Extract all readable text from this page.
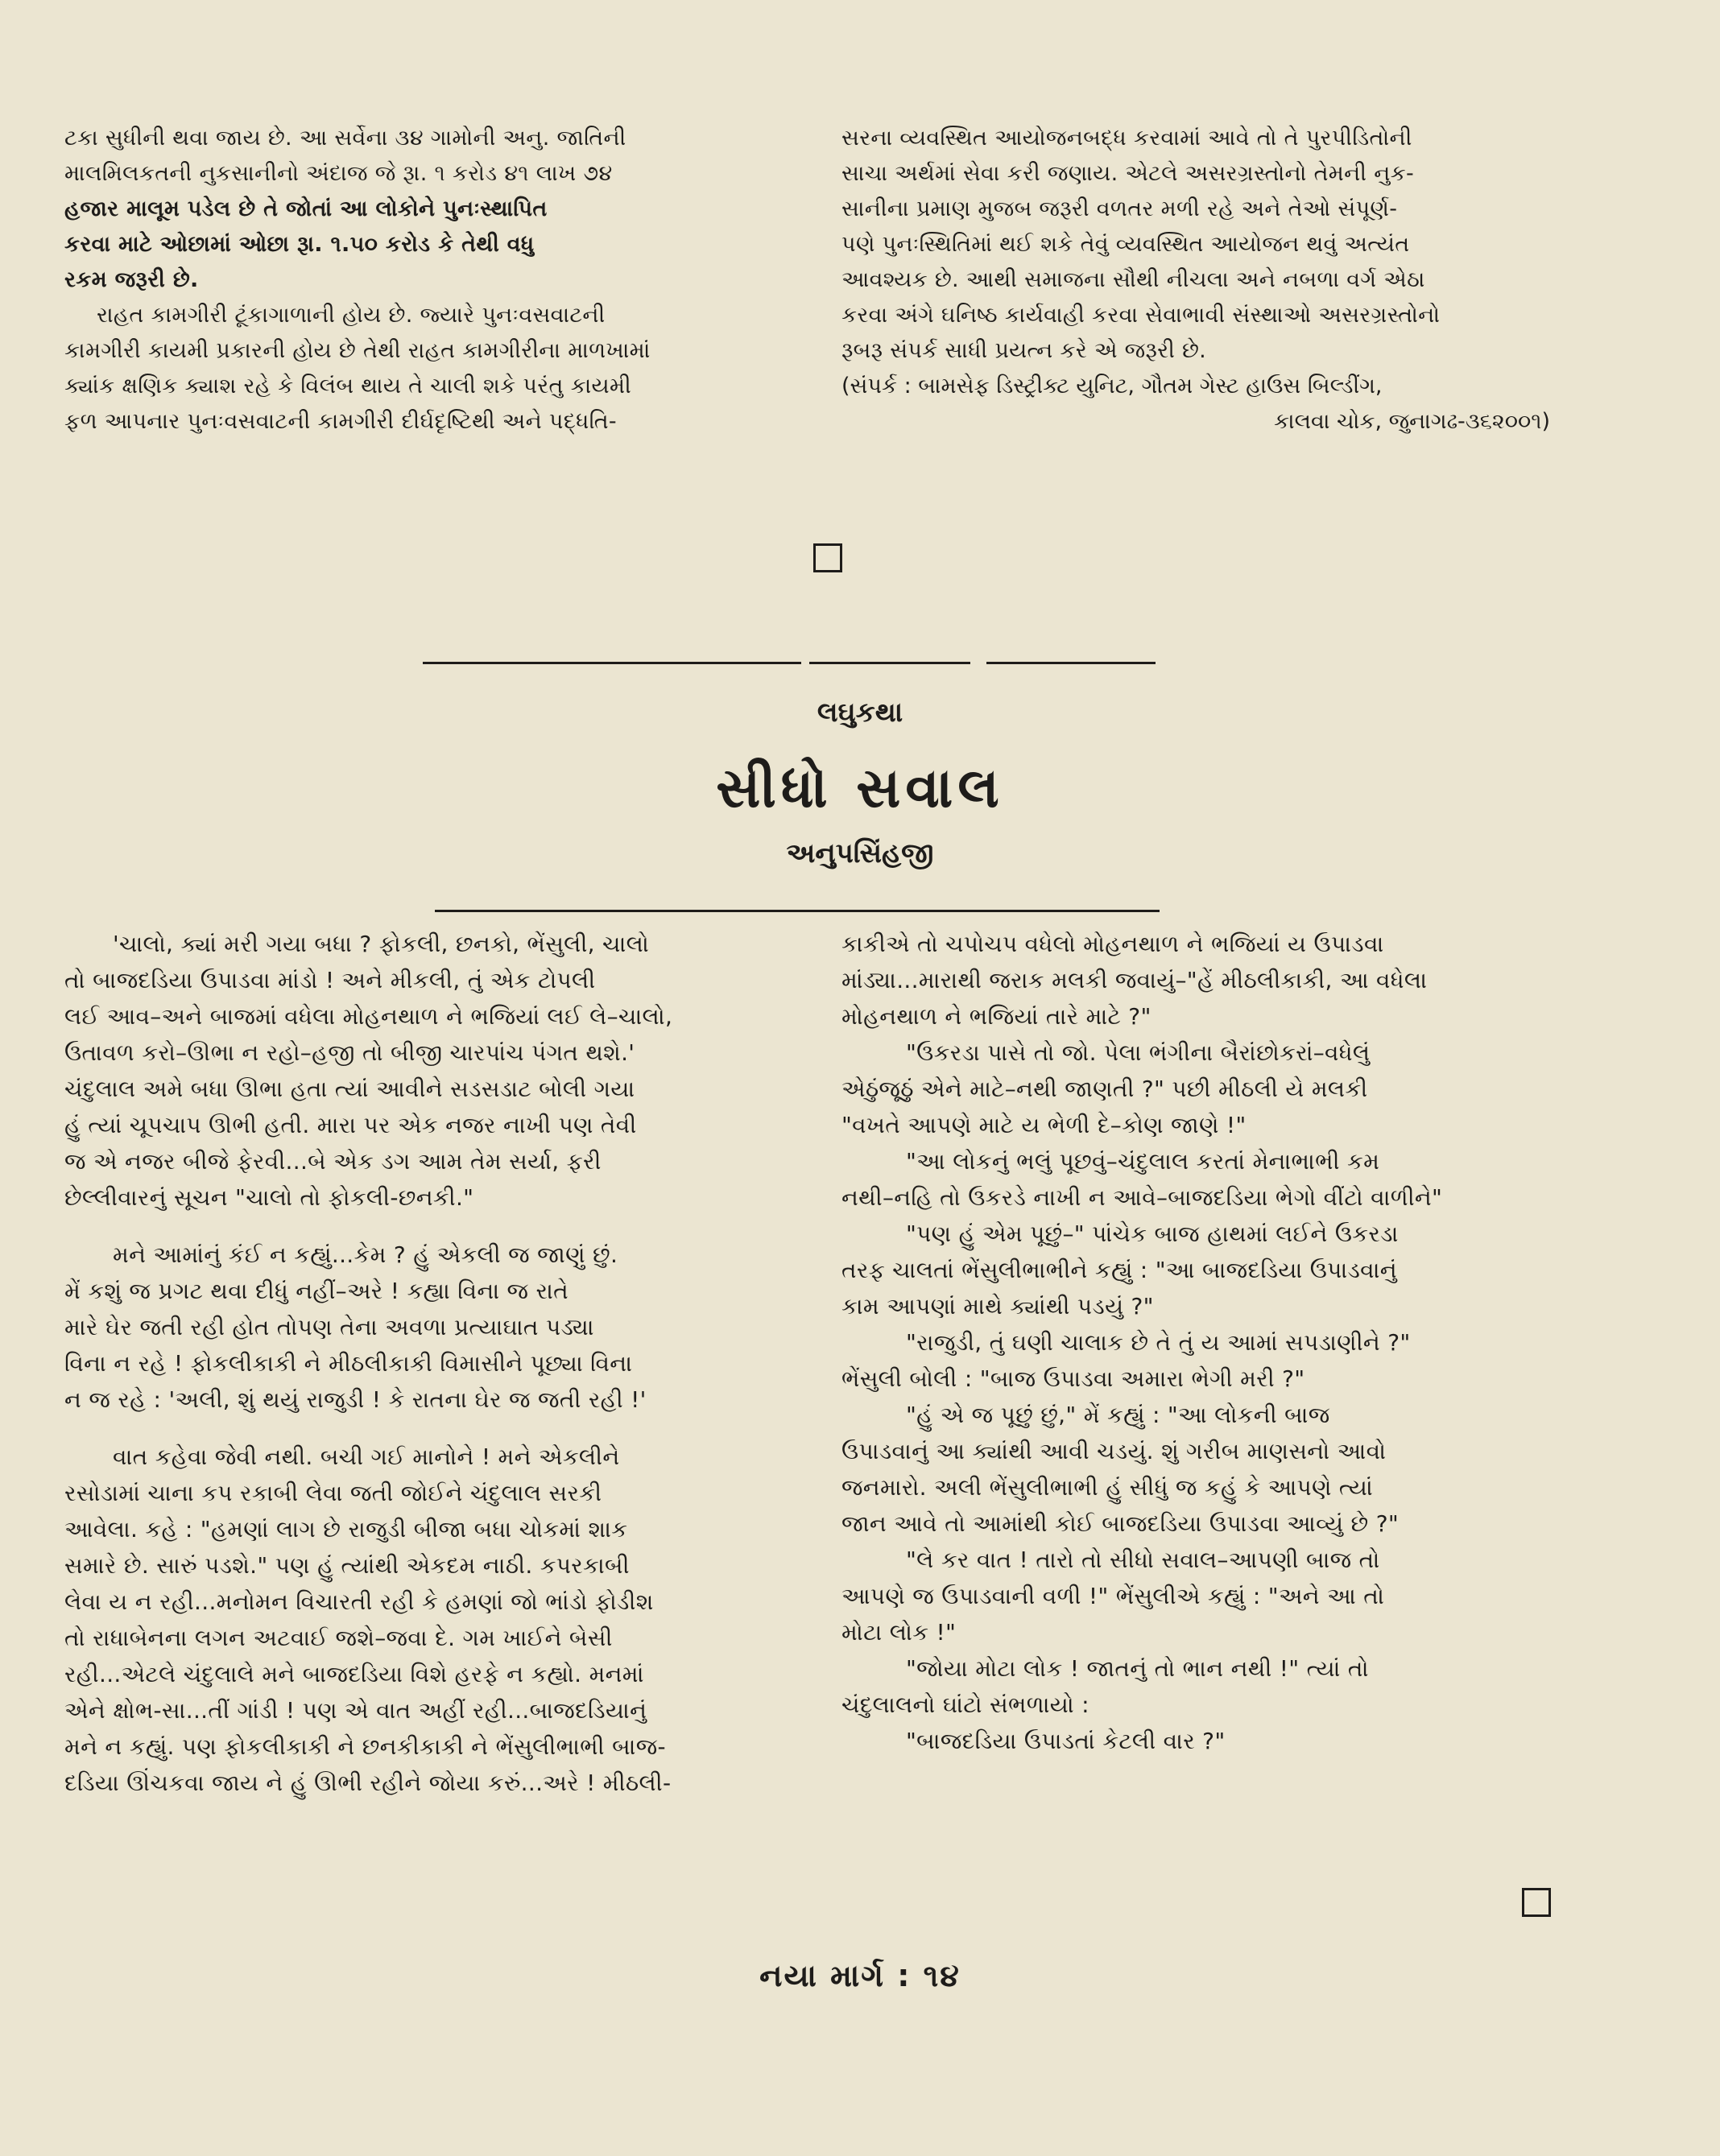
ટકા સુધીની થવા જાય છે. આ સર્વેના ૩૪ ગામોની અનુ. જાતિની
માલમિલકતની નુકસાનીનો અંદાજ જે રૂા. ૧ કરોડ ૪૧ લાખ ૭૪
હજાર માલૂમ પડેલ છે તે જોતાં આ લોકોને પુનઃસ્થાપિત
કરવા માટે ઓછામાં ઓછા રૂા. ૧.૫૦ કરોડ કે તેથી વધુ
રકમ જરૂરી છે.
રાહત કામગીરી ટૂંકાગાળાની હોય છે. જ્યારે પુનઃવસવાટની
કામગીરી કાયમી પ્રકારની હોય છે તેથી રાહત કામગીરીના માળખામાં
ક્યાંક ક્ષણિક ક્યાશ રહે કે વિલંબ થાય તે ચાલી શકે પરંતુ કાયમી
ફળ આપનાર પુનઃવસવાટની કામગીરી દીર્ઘદૃષ્ટિથી અને પદ્ધતિ-
સરના વ્યવસ્થિત આયોજનબદ્ધ કરવામાં આવે તો તે પુરપીડિતોની
સાચા અર્થમાં સેવા કરી જણાય. એટલે અસરગ્રસ્તોનો તેમની નુક-
સાનીના પ્રમાણ મુજબ જરૂરી વળતર મળી રહે અને તેઓ સંપૂર્ણ-
પણે પુનઃસ્થિતિમાં થઈ શકે તેવું વ્યવસ્થિત આયોજન થવું અત્યંત
આવશ્યક છે. આથી સમાજના સૌથી નીચલા અને નબળા વર્ગ એઠા
કરવા અંગે ઘનિષ્ઠ કાર્યવાહી કરવા સેવાભાવી સંસ્થાઓ અસરગ્રસ્તોનો
રૂબરૂ સંપર્ક સાધી પ્રયત્ન કરે એ જરૂરી છે.
(સંપર્ક : બામસેફ ડિસ્ટ્રીક્ટ યુનિટ, ગૌતમ ગેસ્ટ હાઉસ બિલ્ડીંગ,
કાલવા ચોક, જુનાગઢ-૩૬૨૦૦૧)
લઘુકથા
સીધો સવાલ
અનુપસિંહજી
'ચાલો, ક્યાં મરી ગયા બધા ? ફોકલી, છનકો, ભેંસુલી, ચાલો
તો બાજદડિયા ઉપાડવા માંડો ! અને મીકલી, તું એક ટોપલી
લઈ આવ–અને બાજમાં વધેલા મોહનથાળ ને ભજિયાં લઈ લે–ચાલો,
ઉતાવળ કરો–ઊભા ન રહો–હજી તો બીજી ચારપાંચ પંગત થશે.'
ચંદુલાલ અમે બધા ઊભા હતા ત્યાં આવીને સડસડાટ બોલી ગયા
હું ત્યાં ચૂપચાપ ઊભી હતી. મારા પર એક નજર નાખી પણ તેવી
જ એ નજર બીજે ફેરવી...બે એક ડગ આમ તેમ સર્યા, ફરી
છેલ્લીવારનું સૂચન "ચાલો તો ફોકલી-છનકી."
મને આમાંનું કંઈ ન કહ્યું...કેમ ? હું એકલી જ જાણું છું.
મેં કશું જ પ્રગટ થવા દીધું નહીં–અરે ! કહ્યા વિના જ રાતે
મારે ઘેર જતી રહી હોત તોપણ તેના અવળા પ્રત્યાઘાત પડ્યા
વિના ન રહે ! ફોકલીકાકી ને મીઠલીકાકી વિમાસીને પૂછ્યા વિના
ન જ રહે : 'અલી, શું થયું રાજુડી ! કે રાતના ઘેર જ જતી રહી !'
વાત કહેવા જેવી નથી. બચી ગઈ માનોને ! મને એકલીને
રસોડામાં ચાના કપ રકાબી લેવા જતી જોઈને ચંદુલાલ સરકી
આવેલા. કહે : "હમણાં લાગ છે રાજુડી બીજા બધા ચોકમાં શાક
સમારે છે. સારું પડશે." પણ હું ત્યાંથી એકદમ નાઠી. કપરકાબી
લેવા ય ન રહી...મનોમન વિચારતી રહી કે હમણાં જો ભાંડો ફોડીશ
તો રાધાબેનના લગન અટવાઈ જશે–જવા દે. ગમ ખાઈને બેસી
રહી...એટલે ચંદુલાલે મને બાજદડિયા વિશે હરફે ન કહ્યો. મનમાં
એને ક્ષોભ-સા...તીં ગાંડી ! પણ એ વાત અહીં રહી...બાજદડિયાનું
મને ન કહ્યું. પણ ફોકલીકાકી ને છનકીકાકી ને ભેંસુલીભાભી બાજ-
દડિયા ઊંચકવા જાય ને હું ઊભી રહીને જોયા કરું...અરે ! મીઠલી-
કાકીએ તો ચપોચપ વધેલો મોહનથાળ ને ભજિયાં ય ઉપાડવા
માંડ્યા...મારાથી જરાક મલકી જવાયું–"હેં મીઠલીકાકી, આ વધેલા
મોહનથાળ ને ભજિયાં તારે માટે ?"
"ઉકરડા પાસે તો જો. પેલા ભંગીના બૈરાંછોકરાં–વધેલું
એઠુંજૂઠું એને માટે–નથી જાણતી ?" પછી મીઠલી યે મલકી
"વખતે આપણે માટે ય ભેળી દે–કોણ જાણે !"
"આ લોકનું ભલું પૂછવું–ચંદુલાલ કરતાં મેનાભાભી કમ
નથી–નહિ તો ઉકરડે નાખી ન આવે–બાજદડિયા ભેગો વીંટો વાળીને"
"પણ હું એમ પૂછું–" પાંચેક બાજ હાથમાં લઈને ઉકરડા
તરફ ચાલતાં ભેંસુલીભાભીને કહ્યું : "આ બાજદડિયા ઉપાડવાનું
કામ આપણાં માથે ક્યાંથી પડયું ?"
"રાજુડી, તું ઘણી ચાલાક છે તે તું ય આમાં સપડાણીને ?"
ભેંસુલી બોલી : "બાજ ઉપાડવા અમારા ભેગી મરી ?"
"હું એ જ પૂછું છું," મેં કહ્યું : "આ લોકની બાજ
ઉપાડવાનું આ ક્યાંથી આવી ચડયું. શું ગરીબ માણસનો આવો
જનમારો. અલી ભેંસુલીભાભી હું સીધું જ કહું કે આપણે ત્યાં
જાન આવે તો આમાંથી કોઈ બાજદડિયા ઉપાડવા આવ્યું છે ?"
"લે કર વાત ! તારો તો સીધો સવાલ–આપણી બાજ તો
આપણે જ ઉપાડવાની વળી !" ભેંસુલીએ કહ્યું : "અને આ તો
મોટા લોક !"
"જોયા મોટા લોક ! જાતનું તો ભાન નથી !" ત્યાં તો
ચંદુલાલનો ઘાંટો સંભળાયો :
"બાજદડિયા ઉપાડતાં કેટલી વાર ?"
નયા માર્ગ : ૧૪
